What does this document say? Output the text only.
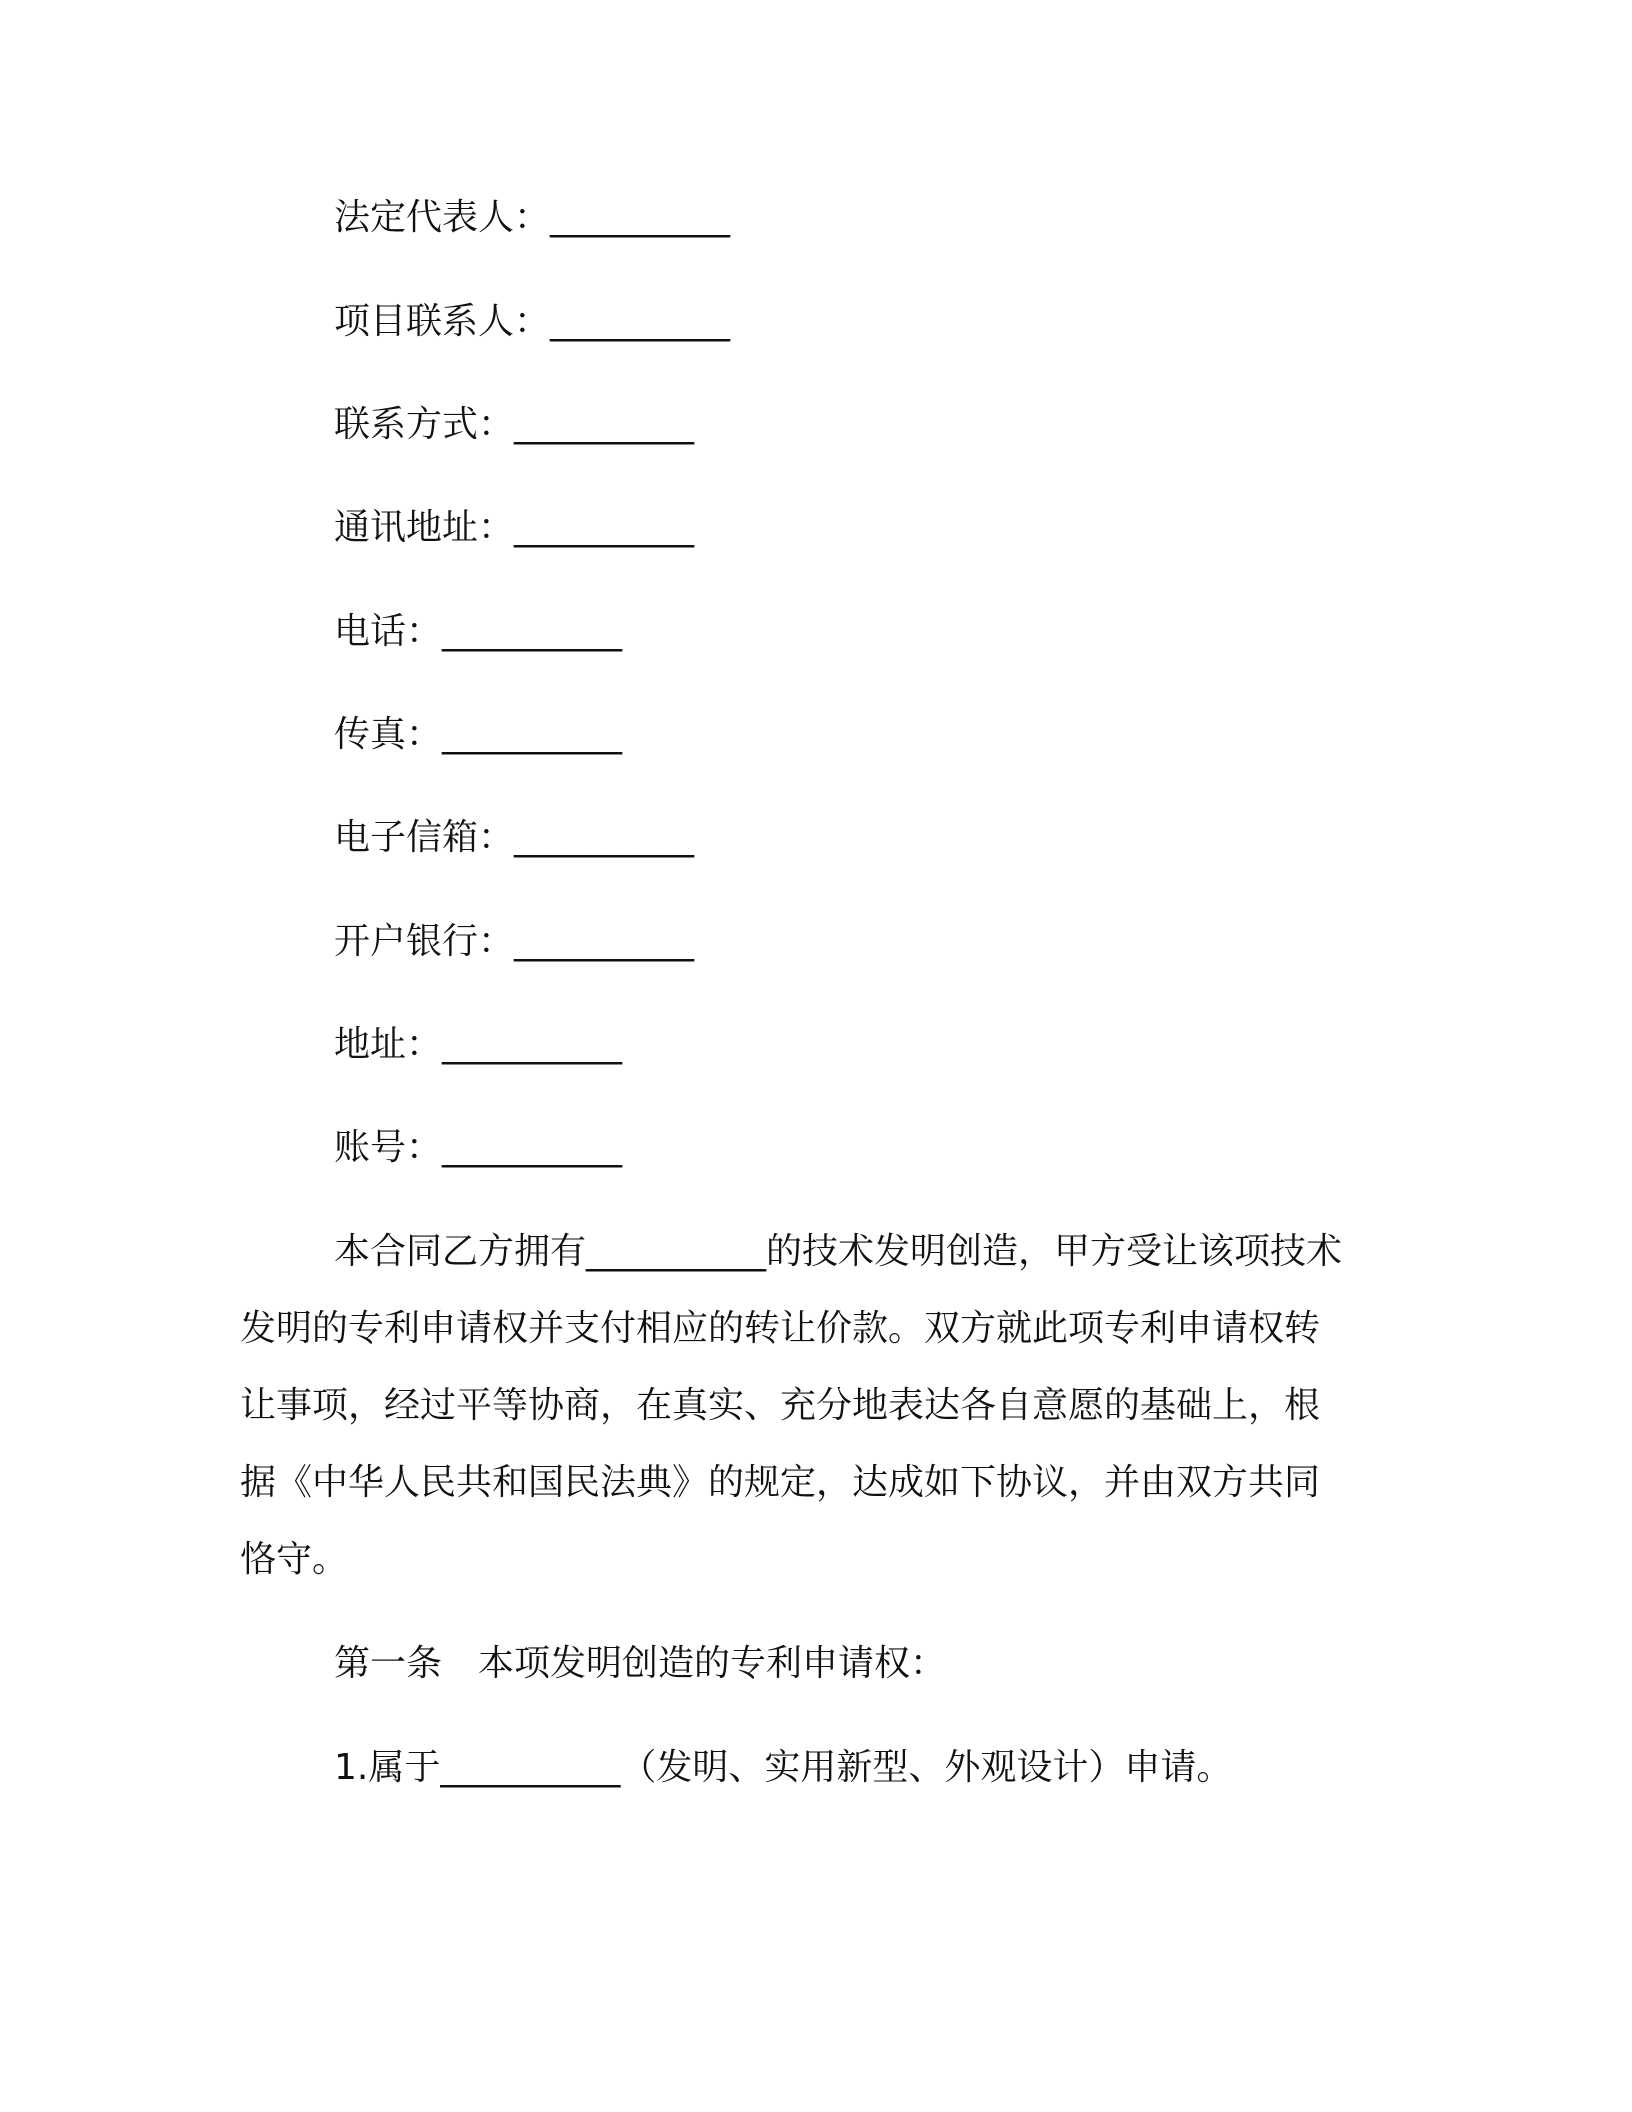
法定代表人：__________
项目联系人：__________
联系方式：__________
通讯地址：__________
电话：__________
传真：__________
电子信箱：__________
开户银行：__________
地址：__________
账号：__________
本合同乙方拥有__________的技术发明创造，甲方受让该项技术
发明的专利申请权并支付相应的转让价款。双方就此项专利申请权转
让事项，经过平等协商，在真实、充分地表达各自意愿的基础上，根
据《中华人民共和国民法典》的规定，达成如下协议，并由双方共同
恪守。
第一条　本项发明创造的专利申请权：
1.属于__________（发明、实用新型、外观设计）申请。
